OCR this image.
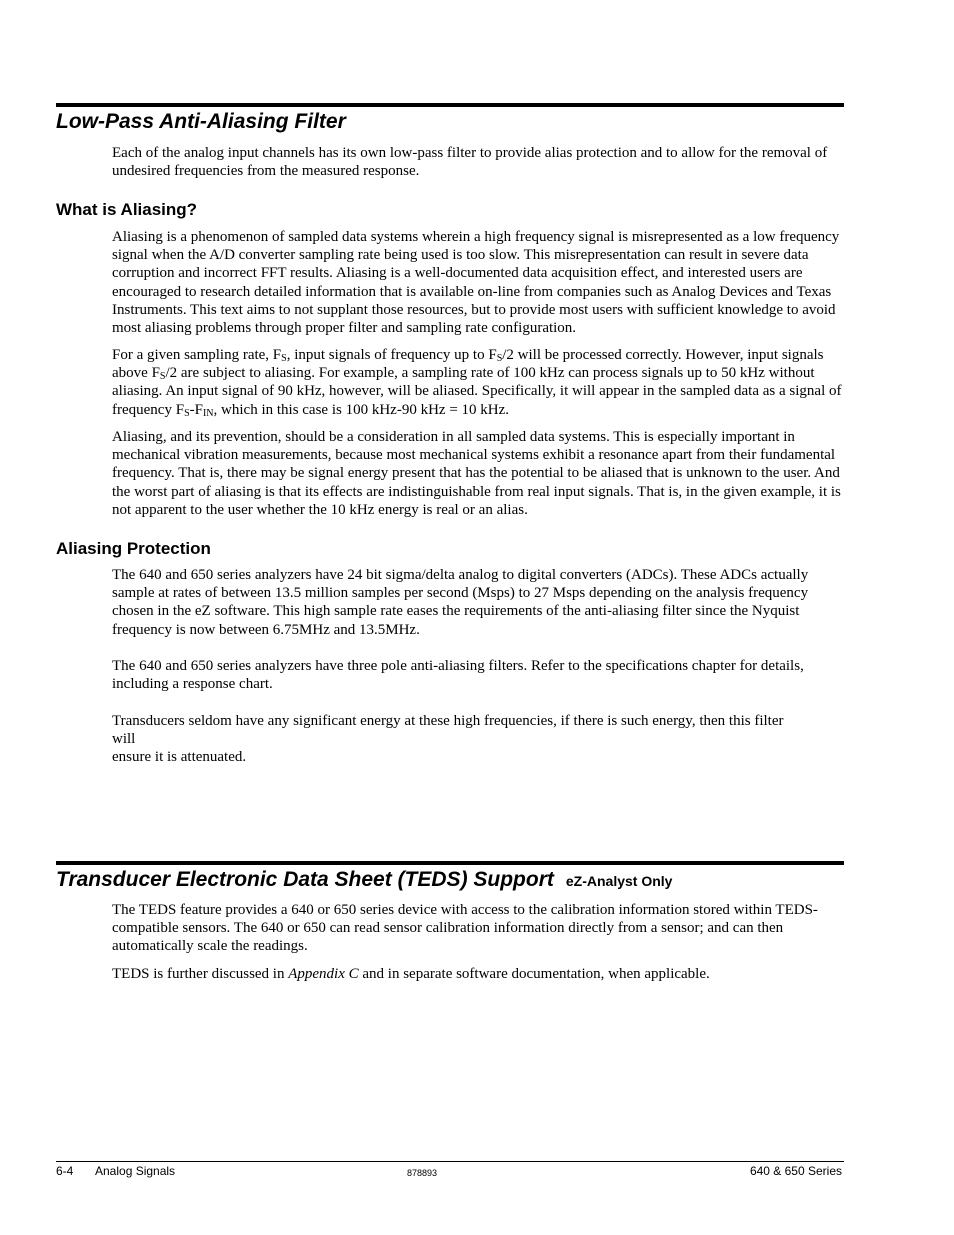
Low-Pass Anti-Aliasing Filter

Each of the analog input channels has its own low-pass filter to provide alias protection and to allow for the removal of undesired frequencies from the measured response.

What is Aliasing?

Aliasing is a phenomenon of sampled data systems wherein a high frequency signal is misrepresented as a low frequency signal when the A/D converter sampling rate being used is too slow. This misrepresentation can result in severe data corruption and incorrect FFT results. Aliasing is a well-documented data acquisition effect, and interested users are encouraged to research detailed information that is available on-line from companies such as Analog Devices and Texas Instruments. This text aims to not supplant those resources, but to provide most users with sufficient knowledge to avoid most aliasing problems through proper filter and sampling rate configuration.

For a given sampling rate, $F_S$, input signals of frequency up to $F_S/2$ will be processed correctly. However, input signals above $F_S/2$ are subject to aliasing. For example, a sampling rate of 100 kHz can process signals up to 50 kHz without aliasing. An input signal of 90 kHz, however, will be aliased. Specifically, it will appear in the sampled data as a signal of frequency $F_S-F_{IN}$, which in this case is 100 kHz-90 kHz = 10 kHz.

Aliasing, and its prevention, should be a consideration in all sampled data systems. This is especially important in mechanical vibration measurements, because most mechanical systems exhibit a resonance apart from their fundamental frequency. That is, there may be signal energy present that has the potential to be aliased that is unknown to the user. And the worst part of aliasing is that its effects are indistinguishable from real input signals. That is, in the given example, it is not apparent to the user whether the 10 kHz energy is real or an alias.

Aliasing Protection

The 640 and 650 series analyzers have 24 bit sigma/delta analog to digital converters (ADCs). These ADCs actually sample at rates of between 13.5 million samples per second (Msps) to 27 Msps depending on the analysis frequency chosen in the eZ software. This high sample rate eases the requirements of the anti-aliasing filter since the Nyquist frequency is now between 6.75MHz and 13.5MHz.

The 640 and 650 series analyzers have three pole anti-aliasing filters. Refer to the specifications chapter for details, including a response chart.

Transducers seldom have any significant energy at these high frequencies, if there is such energy, then this filter
will
ensure it is attenuated.

Transducer Electronic Data Sheet (TEDS) Support eZ-Analyst Only

The TEDS feature provides a 640 or 650 series device with access to the calibration information stored within TEDS-compatible sensors. The 640 or 650 can read sensor calibration information directly from a sensor; and can then automatically scale the readings.

TEDS is further discussed in Appendix C and in separate software documentation, when applicable.

6-4 Analog Signals	878893	640 & 650 Series
